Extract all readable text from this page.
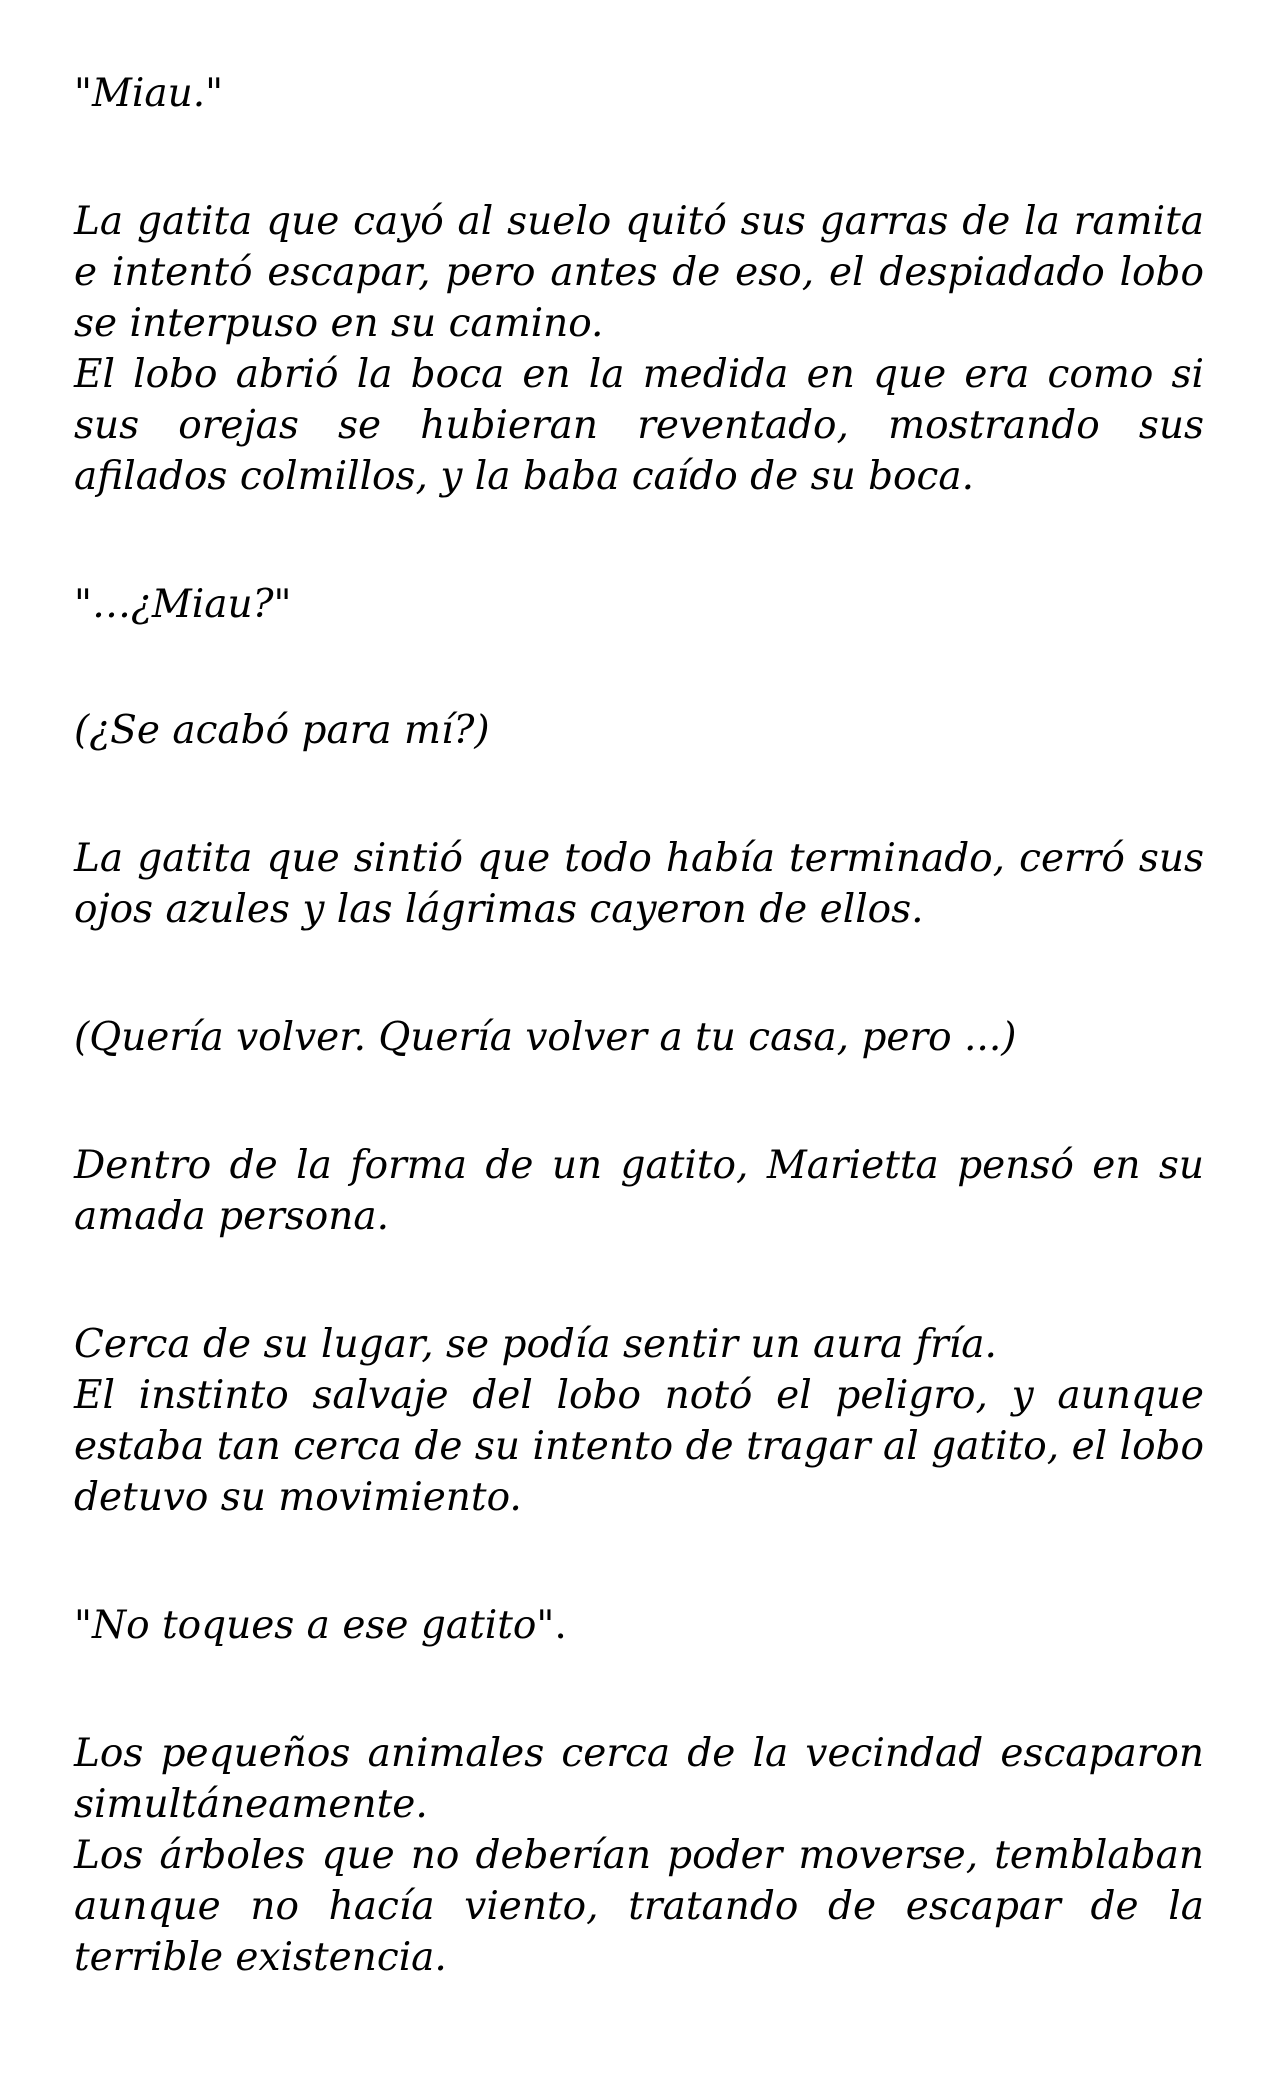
"Miau."

La gatita que cayó al suelo quitó sus garras de la ramita e intentó escapar, pero antes de eso, el despiadado lobo se interpuso en su camino.
El lobo abrió la boca en la medida en que era como si sus orejas se hubieran reventado, mostrando sus afilados colmillos, y la baba caído de su boca.

"…¿Miau?"

(¿Se acabó para mí?)

La gatita que sintió que todo había terminado, cerró sus ojos azules y las lágrimas cayeron de ellos.

(Quería volver. Quería volver a tu casa, pero ...)

Dentro de la forma de un gatito, Marietta pensó en su amada persona.

Cerca de su lugar, se podía sentir un aura fría.
El instinto salvaje del lobo notó el peligro, y aunque estaba tan cerca de su intento de tragar al gatito, el lobo detuvo su movimiento.

"No toques a ese gatito".

Los pequeños animales cerca de la vecindad escaparon simultáneamente.
Los árboles que no deberían poder moverse, temblaban aunque no hacía viento, tratando de escapar de la terrible existencia.
